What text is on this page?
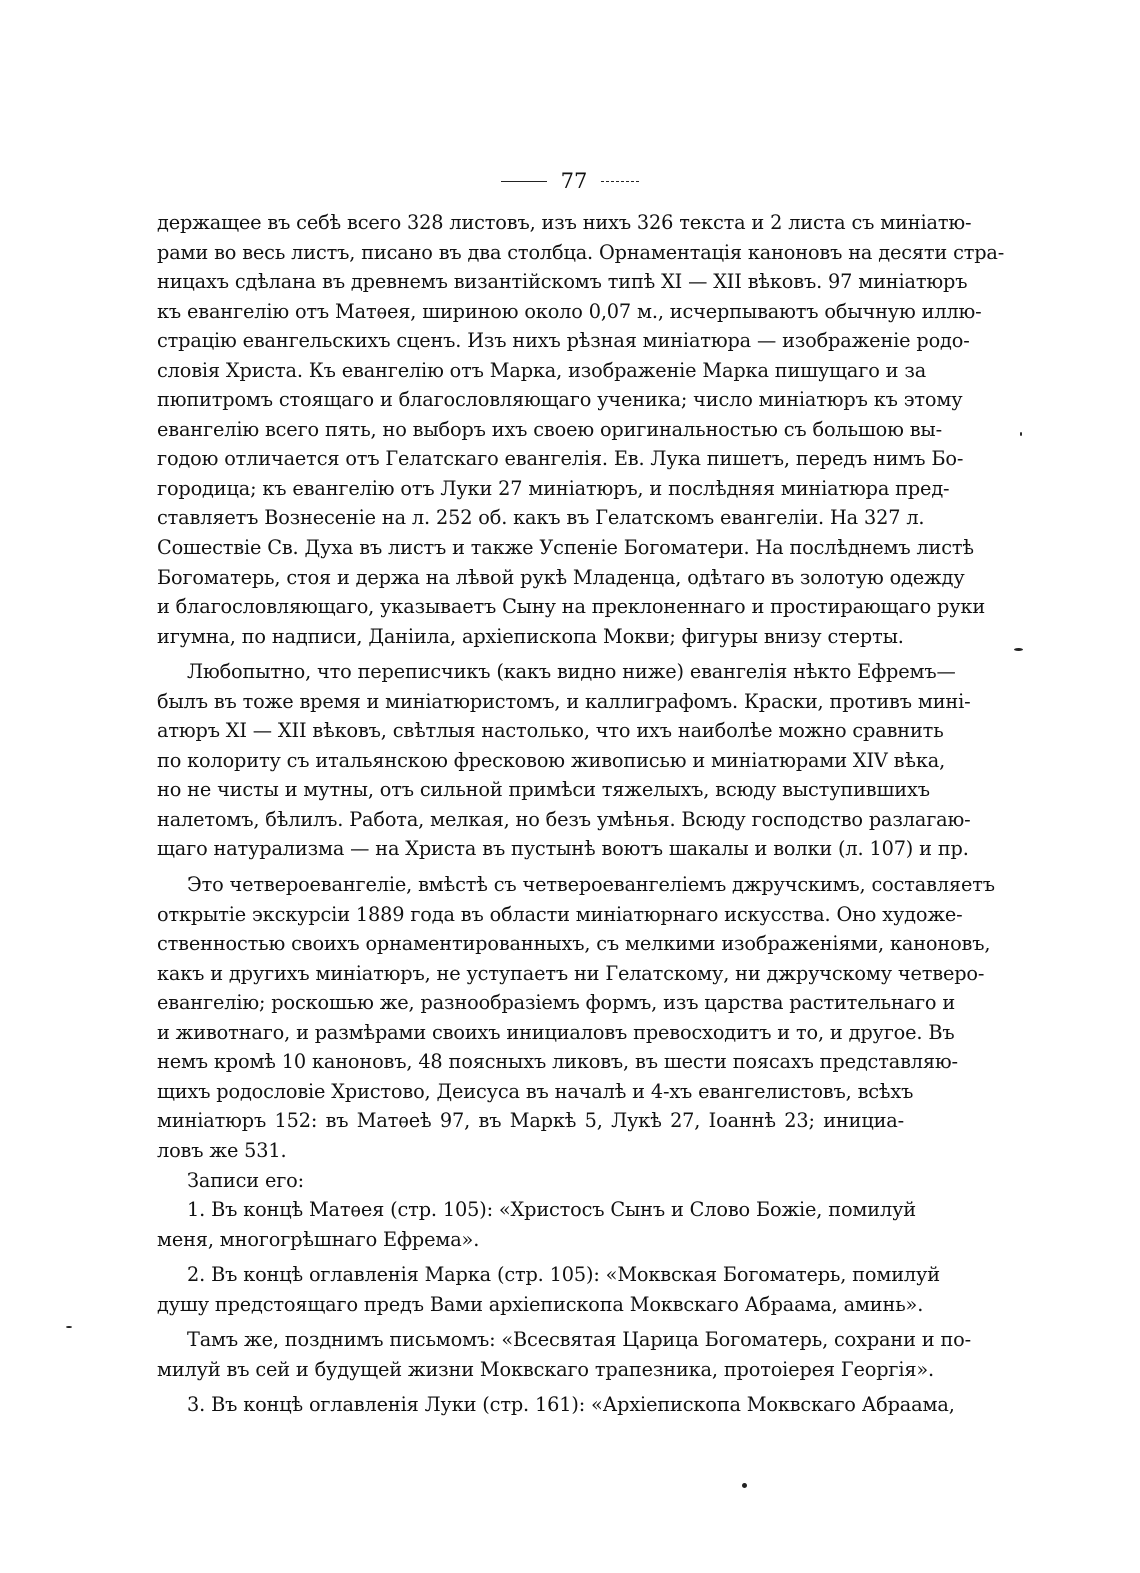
77
держащее въ себѣ всего 328 листовъ, изъ нихъ 326 текста и 2 листа съ миніатю-
рами во весь листъ, писано въ два столбца. Орнаментація каноновъ на десяти стра-
ницахъ сдѣлана въ древнемъ византійскомъ типѣ XI — XII вѣковъ. 97 миніатюръ
къ евангелію отъ Матѳея, шириною около 0,07 м., исчерпываютъ обычную иллю-
страцію евангельскихъ сценъ. Изъ нихъ рѣзная миніатюра — изображеніе родо-
словія Христа. Къ евангелію отъ Марка, изображеніе Марка пишущаго и за
пюпитромъ стоящаго и благословляющаго ученика; число миніатюръ къ этому
евангелію всего пять, но выборъ ихъ своею оригинальностью съ большою вы-
годою отличается отъ Гелатскаго евангелія. Ев. Лука пишетъ, передъ нимъ Бо-
городица; къ евангелію отъ Луки 27 миніатюръ, и послѣдняя миніатюра пред-
ставляетъ Вознесеніе на л. 252 об. какъ въ Гелатскомъ евангеліи. На 327 л.
Сошествіе Св. Духа въ листъ и также Успеніе Богоматери. На послѣднемъ листѣ
Богоматерь, стоя и держа на лѣвой рукѣ Младенца, одѣтаго въ золотую одежду
и благословляющаго, указываетъ Сыну на преклоненнаго и простирающаго руки
игумна, по надписи, Даніила, архіепископа Мокви; фигуры внизу стерты.
Любопытно, что переписчикъ (какъ видно ниже) евангелія нѣкто Ефремъ—
былъ въ тоже время и миніатюристомъ, и каллиграфомъ. Краски, противъ мині-
атюръ XI — XII вѣковъ, свѣтлыя настолько, что ихъ наиболѣе можно сравнить
по колориту съ итальянскою фресковою живописью и миніатюрами XIV вѣка,
но не чисты и мутны, отъ сильной примѣси тяжелыхъ, всюду выступившихъ
налетомъ, бѣлилъ. Работа, мелкая, но безъ умѣнья. Всюду господство разлагаю-
щаго натурализма — на Христа въ пустынѣ воютъ шакалы и волки (л. 107) и пр.
Это четвероевангеліе, вмѣстѣ съ четвероевангеліемъ джручскимъ, составляетъ
открытіе экскурсіи 1889 года въ области миніатюрнаго искусства. Оно художе-
ственностью своихъ орнаментированныхъ, съ мелкими изображеніями, каноновъ,
какъ и другихъ миніатюръ, не уступаетъ ни Гелатскому, ни джручскому четверо-
евангелію; роскошью же, разнообразіемъ формъ, изъ царства растительнаго и
и животнаго, и размѣрами своихъ инициаловъ превосходитъ и то, и другое. Въ
немъ кромѣ 10 каноновъ, 48 поясныхъ ликовъ, въ шести поясахъ представляю-
щихъ родословіе Христово, Деисуса въ началѣ и 4-хъ евангелистовъ, всѣхъ
миніатюръ 152: въ Матѳеѣ 97, въ Маркѣ 5, Лукѣ 27, Іоаннѣ 23; инициа-
ловъ же 531.
Записи его:
1. Въ концѣ Матѳея (стр. 105): «Христосъ Сынъ и Слово Божіе, помилуй
меня, многогрѣшнаго Ефрема».
2. Въ концѣ оглавленія Марка (стр. 105): «Моквская Богоматерь, помилуй
душу предстоящаго предъ Вами архіепископа Моквскаго Абраама, аминь».
Тамъ же, позднимъ письмомъ: «Всесвятая Царица Богоматерь, сохрани и по-
милуй въ сей и будущей жизни Моквскаго трапезника, протоіерея Георгія».
3. Въ концѣ оглавленія Луки (стр. 161): «Архіепископа Моквскаго Абраама,
